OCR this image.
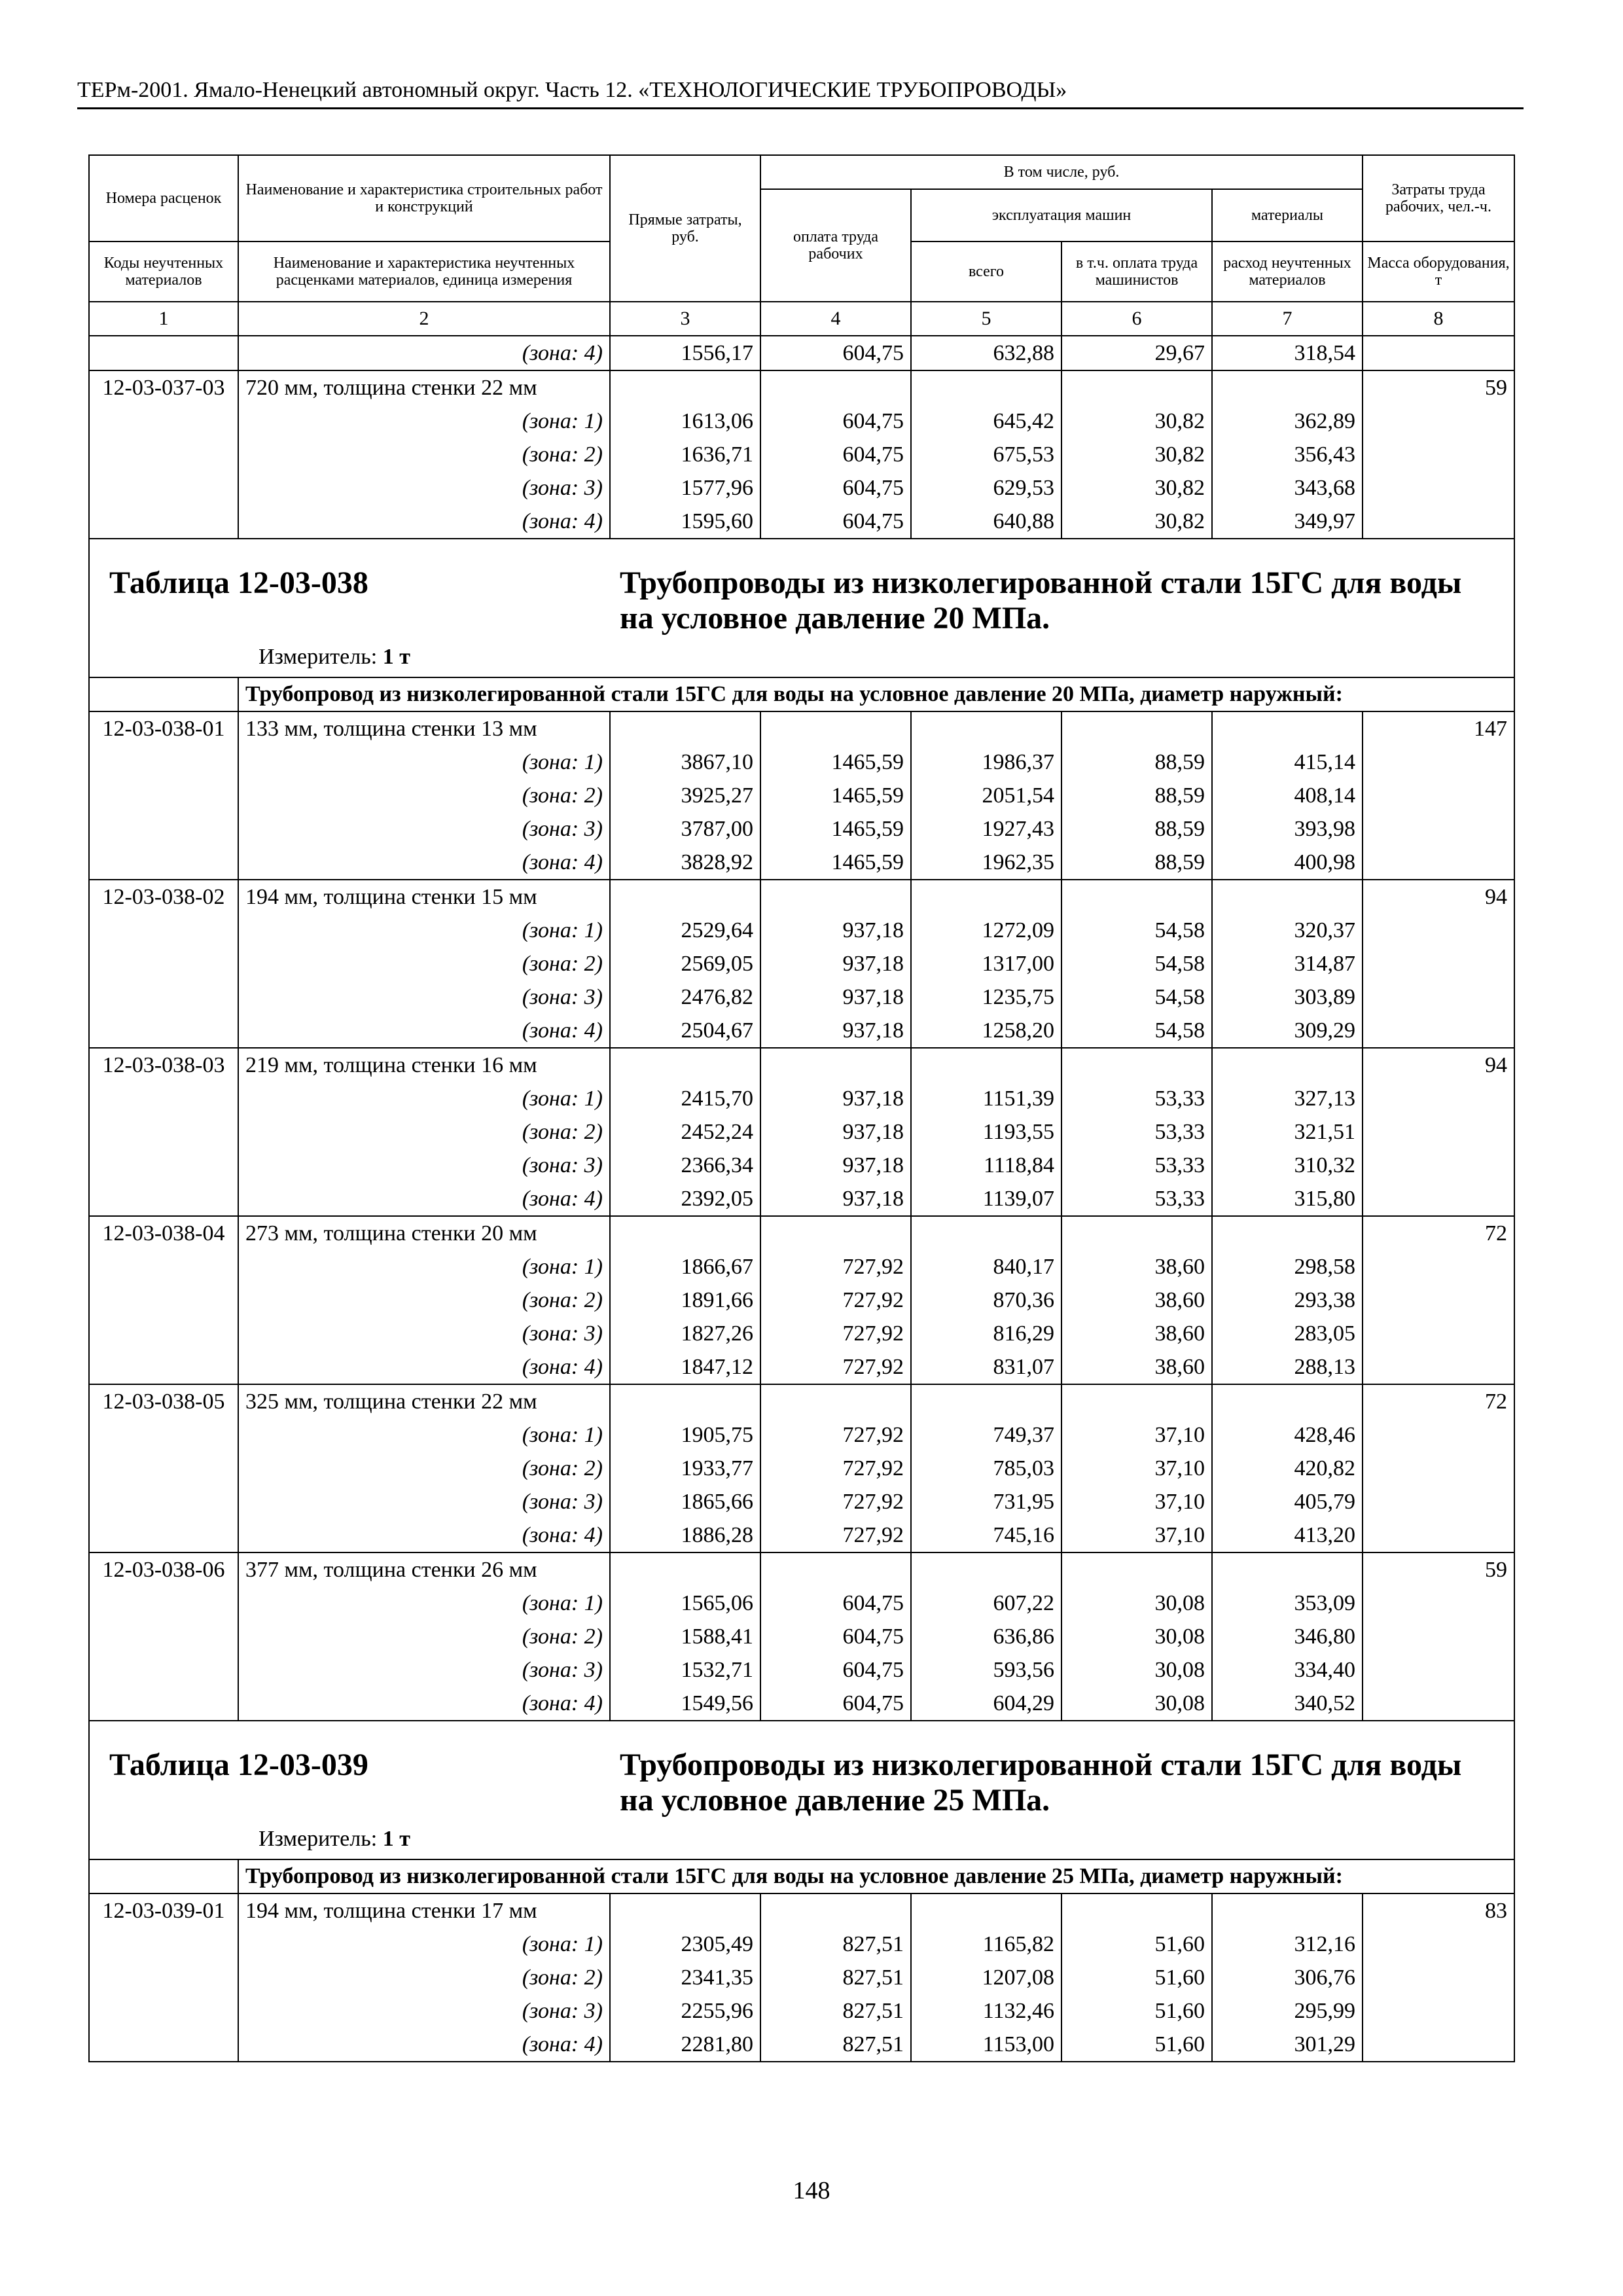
ТЕРм-2001. Ямало-Ненецкий автономный округ. Часть 12. «ТЕХНОЛОГИЧЕСКИЕ ТРУБОПРОВОДЫ»
Номера расценок	Наименование и характеристика строительных работ и конструкций	Прямые затраты, руб.	В том числе, руб.				Затраты труда рабочих, чел.-ч.
			оплата труда рабочих	эксплуатация машин		материалы	
Коды неучтенных материалов	Наименование и характеристика неучтенных расценками материалов, единица измерения			всего	в т.ч. оплата труда машинистов	расход неучтенных материалов	Масса оборудования, т
1	2	3	4	5	6	7	8
	(зона: 4)	1556,17	604,75	632,88	29,67	318,54	
12-03-037-03	720 мм, толщина стенки 22 мм						59
	(зона: 1)	1613,06	604,75	645,42	30,82	362,89	
	(зона: 2)	1636,71	604,75	675,53	30,82	356,43	
	(зона: 3)	1577,96	604,75	629,53	30,82	343,68	
	(зона: 4)	1595,60	604,75	640,88	30,82	349,97	
Таблица 12-03-038 Трубопроводы из низколегированной стали 15ГС для воды на условное давление 20 МПа.
Измеритель: 1 т							

	Трубопровод из низколегированной стали 15ГС для воды на условное давление 20 МПа, диаметр наружный:						
12-03-038-01	133 мм, толщина стенки 13 мм						147
	(зона: 1)	3867,10	1465,59	1986,37	88,59	415,14	
	(зона: 2)	3925,27	1465,59	2051,54	88,59	408,14	
	(зона: 3)	3787,00	1465,59	1927,43	88,59	393,98	
	(зона: 4)	3828,92	1465,59	1962,35	88,59	400,98	
12-03-038-02	194 мм, толщина стенки 15 мм						94
	(зона: 1)	2529,64	937,18	1272,09	54,58	320,37	
	(зона: 2)	2569,05	937,18	1317,00	54,58	314,87	
	(зона: 3)	2476,82	937,18	1235,75	54,58	303,89	
	(зона: 4)	2504,67	937,18	1258,20	54,58	309,29	
12-03-038-03	219 мм, толщина стенки 16 мм						94
	(зона: 1)	2415,70	937,18	1151,39	53,33	327,13	
	(зона: 2)	2452,24	937,18	1193,55	53,33	321,51	
	(зона: 3)	2366,34	937,18	1118,84	53,33	310,32	
	(зона: 4)	2392,05	937,18	1139,07	53,33	315,80	
12-03-038-04	273 мм, толщина стенки 20 мм						72
	(зона: 1)	1866,67	727,92	840,17	38,60	298,58	
	(зона: 2)	1891,66	727,92	870,36	38,60	293,38	
	(зона: 3)	1827,26	727,92	816,29	38,60	283,05	
	(зона: 4)	1847,12	727,92	831,07	38,60	288,13	
12-03-038-05	325 мм, толщина стенки 22 мм						72
	(зона: 1)	1905,75	727,92	749,37	37,10	428,46	
	(зона: 2)	1933,77	727,92	785,03	37,10	420,82	
	(зона: 3)	1865,66	727,92	731,95	37,10	405,79	
	(зона: 4)	1886,28	727,92	745,16	37,10	413,20	
12-03-038-06	377 мм, толщина стенки 26 мм						59
	(зона: 1)	1565,06	604,75	607,22	30,08	353,09	
	(зона: 2)	1588,41	604,75	636,86	30,08	346,80	
	(зона: 3)	1532,71	604,75	593,56	30,08	334,40	
	(зона: 4)	1549,56	604,75	604,29	30,08	340,52	
Таблица 12-03-039 Трубопроводы из низколегированной стали 15ГС для воды на условное давление 25 МПа.
Измеритель: 1 т							

	Трубопровод из низколегированной стали 15ГС для воды на условное давление 25 МПа, диаметр наружный:						
12-03-039-01	194 мм, толщина стенки 17 мм						83
	(зона: 1)	2305,49	827,51	1165,82	51,60	312,16	
	(зона: 2)	2341,35	827,51	1207,08	51,60	306,76	
	(зона: 3)	2255,96	827,51	1132,46	51,60	295,99	
	(зона: 4)	2281,80	827,51	1153,00	51,60	301,29	
148
